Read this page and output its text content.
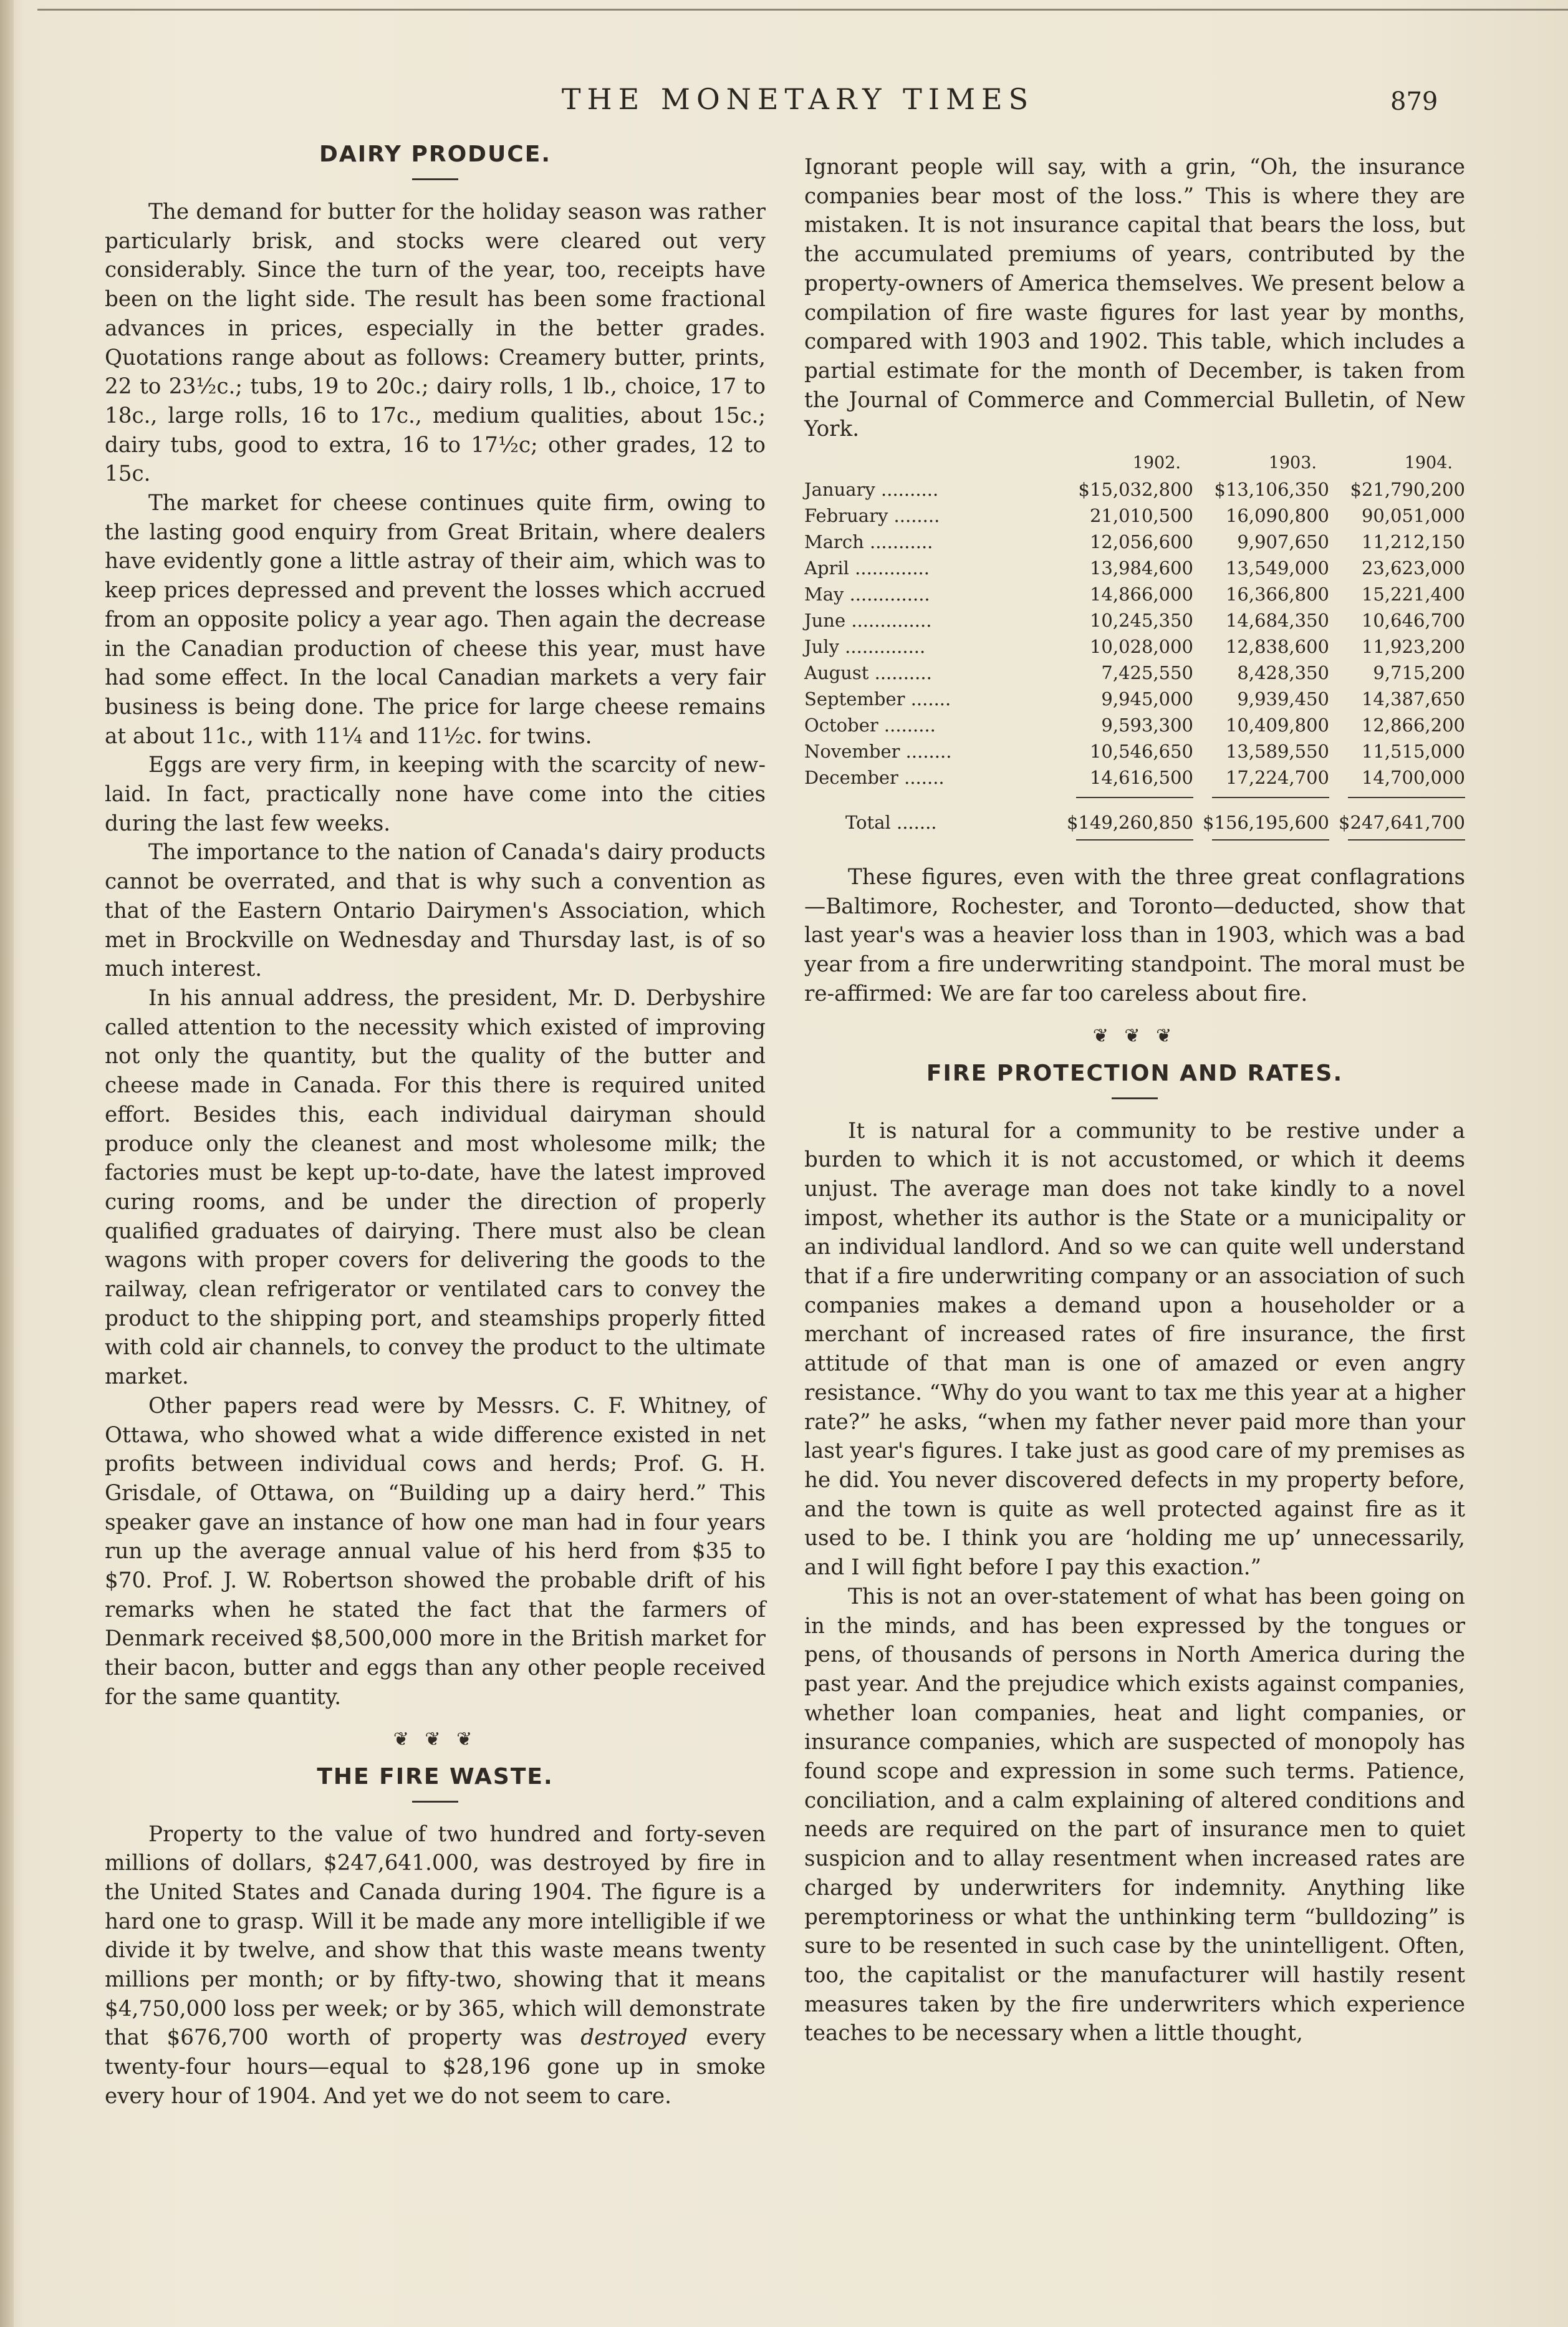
THE MONETARY TIMES	879
DAIRY PRODUCE.

The demand for butter for the holiday season was rather particularly brisk, and stocks were cleared out very considerably. Since the turn of the year, too, receipts have been on the light side. The result has been some fractional advances in prices, especially in the better grades. Quotations range about as follows: Creamery butter, prints, 22 to 23½c.; tubs, 19 to 20c.; dairy rolls, 1 lb., choice, 17 to 18c., large rolls, 16 to 17c., medium qualities, about 15c.; dairy tubs, good to extra, 16 to 17½c; other grades, 12 to 15c.

The market for cheese continues quite firm, owing to the lasting good enquiry from Great Britain, where dealers have evidently gone a little astray of their aim, which was to keep prices depressed and prevent the losses which accrued from an opposite policy a year ago. Then again the decrease in the Canadian production of cheese this year, must have had some effect. In the local Canadian markets a very fair business is being done. The price for large cheese remains at about 11c., with 11¼ and 11½c. for twins.

Eggs are very firm, in keeping with the scarcity of new-laid. In fact, practically none have come into the cities during the last few weeks.

The importance to the nation of Canada's dairy products cannot be overrated, and that is why such a convention as that of the Eastern Ontario Dairymen's Association, which met in Brockville on Wednesday and Thursday last, is of so much interest.

In his annual address, the president, Mr. D. Derbyshire called attention to the necessity which existed of improving not only the quantity, but the quality of the butter and cheese made in Canada. For this there is required united effort. Besides this, each individual dairyman should produce only the cleanest and most wholesome milk; the factories must be kept up-to-date, have the latest improved curing rooms, and be under the direction of properly qualified graduates of dairying. There must also be clean wagons with proper covers for delivering the goods to the railway, clean refrigerator or ventilated cars to convey the product to the shipping port, and steamships properly fitted with cold air channels, to convey the product to the ultimate market.

Other papers read were by Messrs. C. F. Whitney, of Ottawa, who showed what a wide difference existed in net profits between individual cows and herds; Prof. G. H. Grisdale, of Ottawa, on “Building up a dairy herd.” This speaker gave an instance of how one man had in four years run up the average annual value of his herd from $35 to $70. Prof. J. W. Robertson showed the probable drift of his remarks when he stated the fact that the farmers of Denmark received $8,500,000 more in the British market for their bacon, butter and eggs than any other people received for the same quantity.

❦ ❦ ❦
THE FIRE WASTE.

Property to the value of two hundred and forty-seven millions of dollars, $247,641.000, was destroyed by fire in the United States and Canada during 1904. The figure is a hard one to grasp. Will it be made any more intelligible if we divide it by twelve, and show that this waste means twenty millions per month; or by fifty-two, showing that it means $4,750,000 loss per week; or by 365, which will demonstrate that $676,700 worth of property was destroyed every twenty-four hours—equal to $28,196 gone up in smoke every hour of 1904. And yet we do not seem to care.

Ignorant people will say, with a grin, “Oh, the insurance companies bear most of the loss.” This is where they are mistaken. It is not insurance capital that bears the loss, but the accumulated premiums of years, contributed by the property-owners of America themselves. We present below a compilation of fire waste figures for last year by months, compared with 1903 and 1902. This table, which includes a partial estimate for the month of December, is taken from the Journal of Commerce and Commercial Bulletin, of New York.

	1902.	1903.	1904.
January ..........	$15,032,800	$13,106,350	$21,790,200
February ........	21,010,500	16,090,800	90,051,000
March ...........	12,056,600	9,907,650	11,212,150
April .............	13,984,600	13,549,000	23,623,000
May ..............	14,866,000	16,366,800	15,221,400
June ..............	10,245,350	14,684,350	10,646,700
July ..............	10,028,000	12,838,600	11,923,200
August ..........	7,425,550	8,428,350	9,715,200
September .......	9,945,000	9,939,450	14,387,650
October .........	9,593,300	10,409,800	12,866,200
November ........	10,546,650	13,589,550	11,515,000
December .......	14,616,500	17,224,700	14,700,000

Total .......	$149,260,850	$156,195,600	$247,641,700

These figures, even with the three great conflagrations—Baltimore, Rochester, and Toronto—deducted, show that last year's was a heavier loss than in 1903, which was a bad year from a fire underwriting standpoint. The moral must be re-affirmed: We are far too careless about fire.

❦ ❦ ❦
FIRE PROTECTION AND RATES.

It is natural for a community to be restive under a burden to which it is not accustomed, or which it deems unjust. The average man does not take kindly to a novel impost, whether its author is the State or a municipality or an individual landlord. And so we can quite well understand that if a fire underwriting company or an association of such companies makes a demand upon a householder or a merchant of increased rates of fire insurance, the first attitude of that man is one of amazed or even angry resistance. “Why do you want to tax me this year at a higher rate?” he asks, “when my father never paid more than your last year's figures. I take just as good care of my premises as he did. You never discovered defects in my property before, and the town is quite as well protected against fire as it used to be. I think you are ‘holding me up’ unnecessarily, and I will fight before I pay this exaction.”

This is not an over-statement of what has been going on in the minds, and has been expressed by the tongues or pens, of thousands of persons in North America during the past year. And the prejudice which exists against companies, whether loan companies, heat and light companies, or insurance companies, which are suspected of monopoly has found scope and expression in some such terms. Patience, conciliation, and a calm explaining of altered conditions and needs are required on the part of insurance men to quiet suspicion and to allay resentment when increased rates are charged by underwriters for indemnity. Anything like peremptoriness or what the unthinking term “bulldozing” is sure to be resented in such case by the unintelligent. Often, too, the capitalist or the manufacturer will hastily resent measures taken by the fire underwriters which experience teaches to be necessary when a little thought,
